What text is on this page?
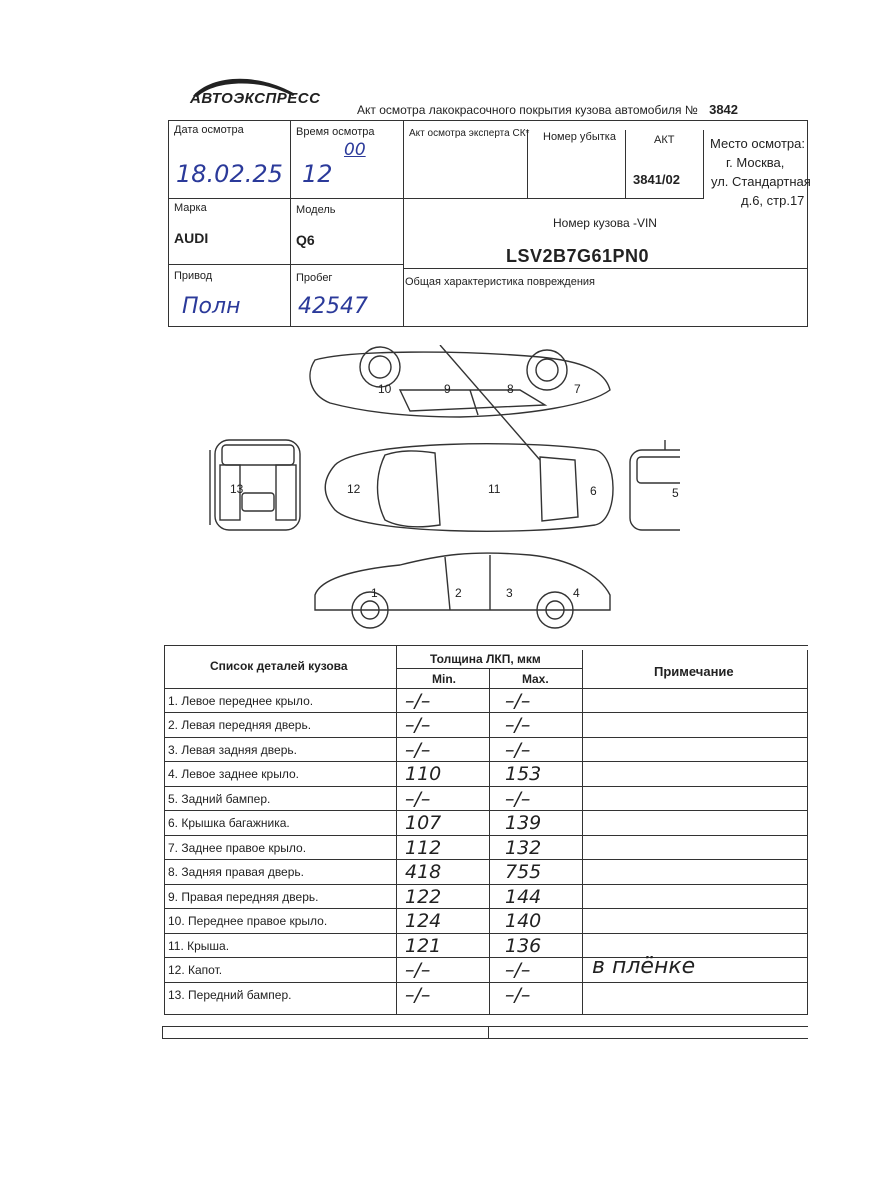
АВТОЭКСПРЕСС
Акт осмотра лакокрасочного покрытия кузова автомобиля № 3842
Дата осмотра
18.02.25
Время осмотра
12
00
Акт осмотра эксперта СК* Номер убытка	АКТ
3841/02
Место осмотра:
г. Москва,
ул. Стандартная
д.6, стр.17
Марка
AUDI
Модель
Q6
Номер кузова -VIN
LSV2B7G61PN0
Привод
Полн
Пробег
42547
Общая характеристика повреждения
10	9	8	7
13	12	11	6	5
1	2	3	4
Список деталей кузова	Толщина ЛКП, мкм
Min.	Max.	Примечание
1. Левое переднее крыло.	–/–	–/–
2. Левая передняя дверь.	–/–	–/–
3. Левая задняя дверь.	–/–	–/–
4. Левое заднее крыло.	110	153
5. Задний бампер.	–/–	–/–
6. Крышка багажника.	107	139
7. Заднее правое крыло.	112	132
8. Задняя правая дверь.	418	755
9. Правая передняя дверь.	122	144
10. Переднее правое крыло.	124	140
11. Крыша.	121	136
12. Капот.	–/–	–/–	в плёнке
13. Передний бампер.	–/–	–/–
